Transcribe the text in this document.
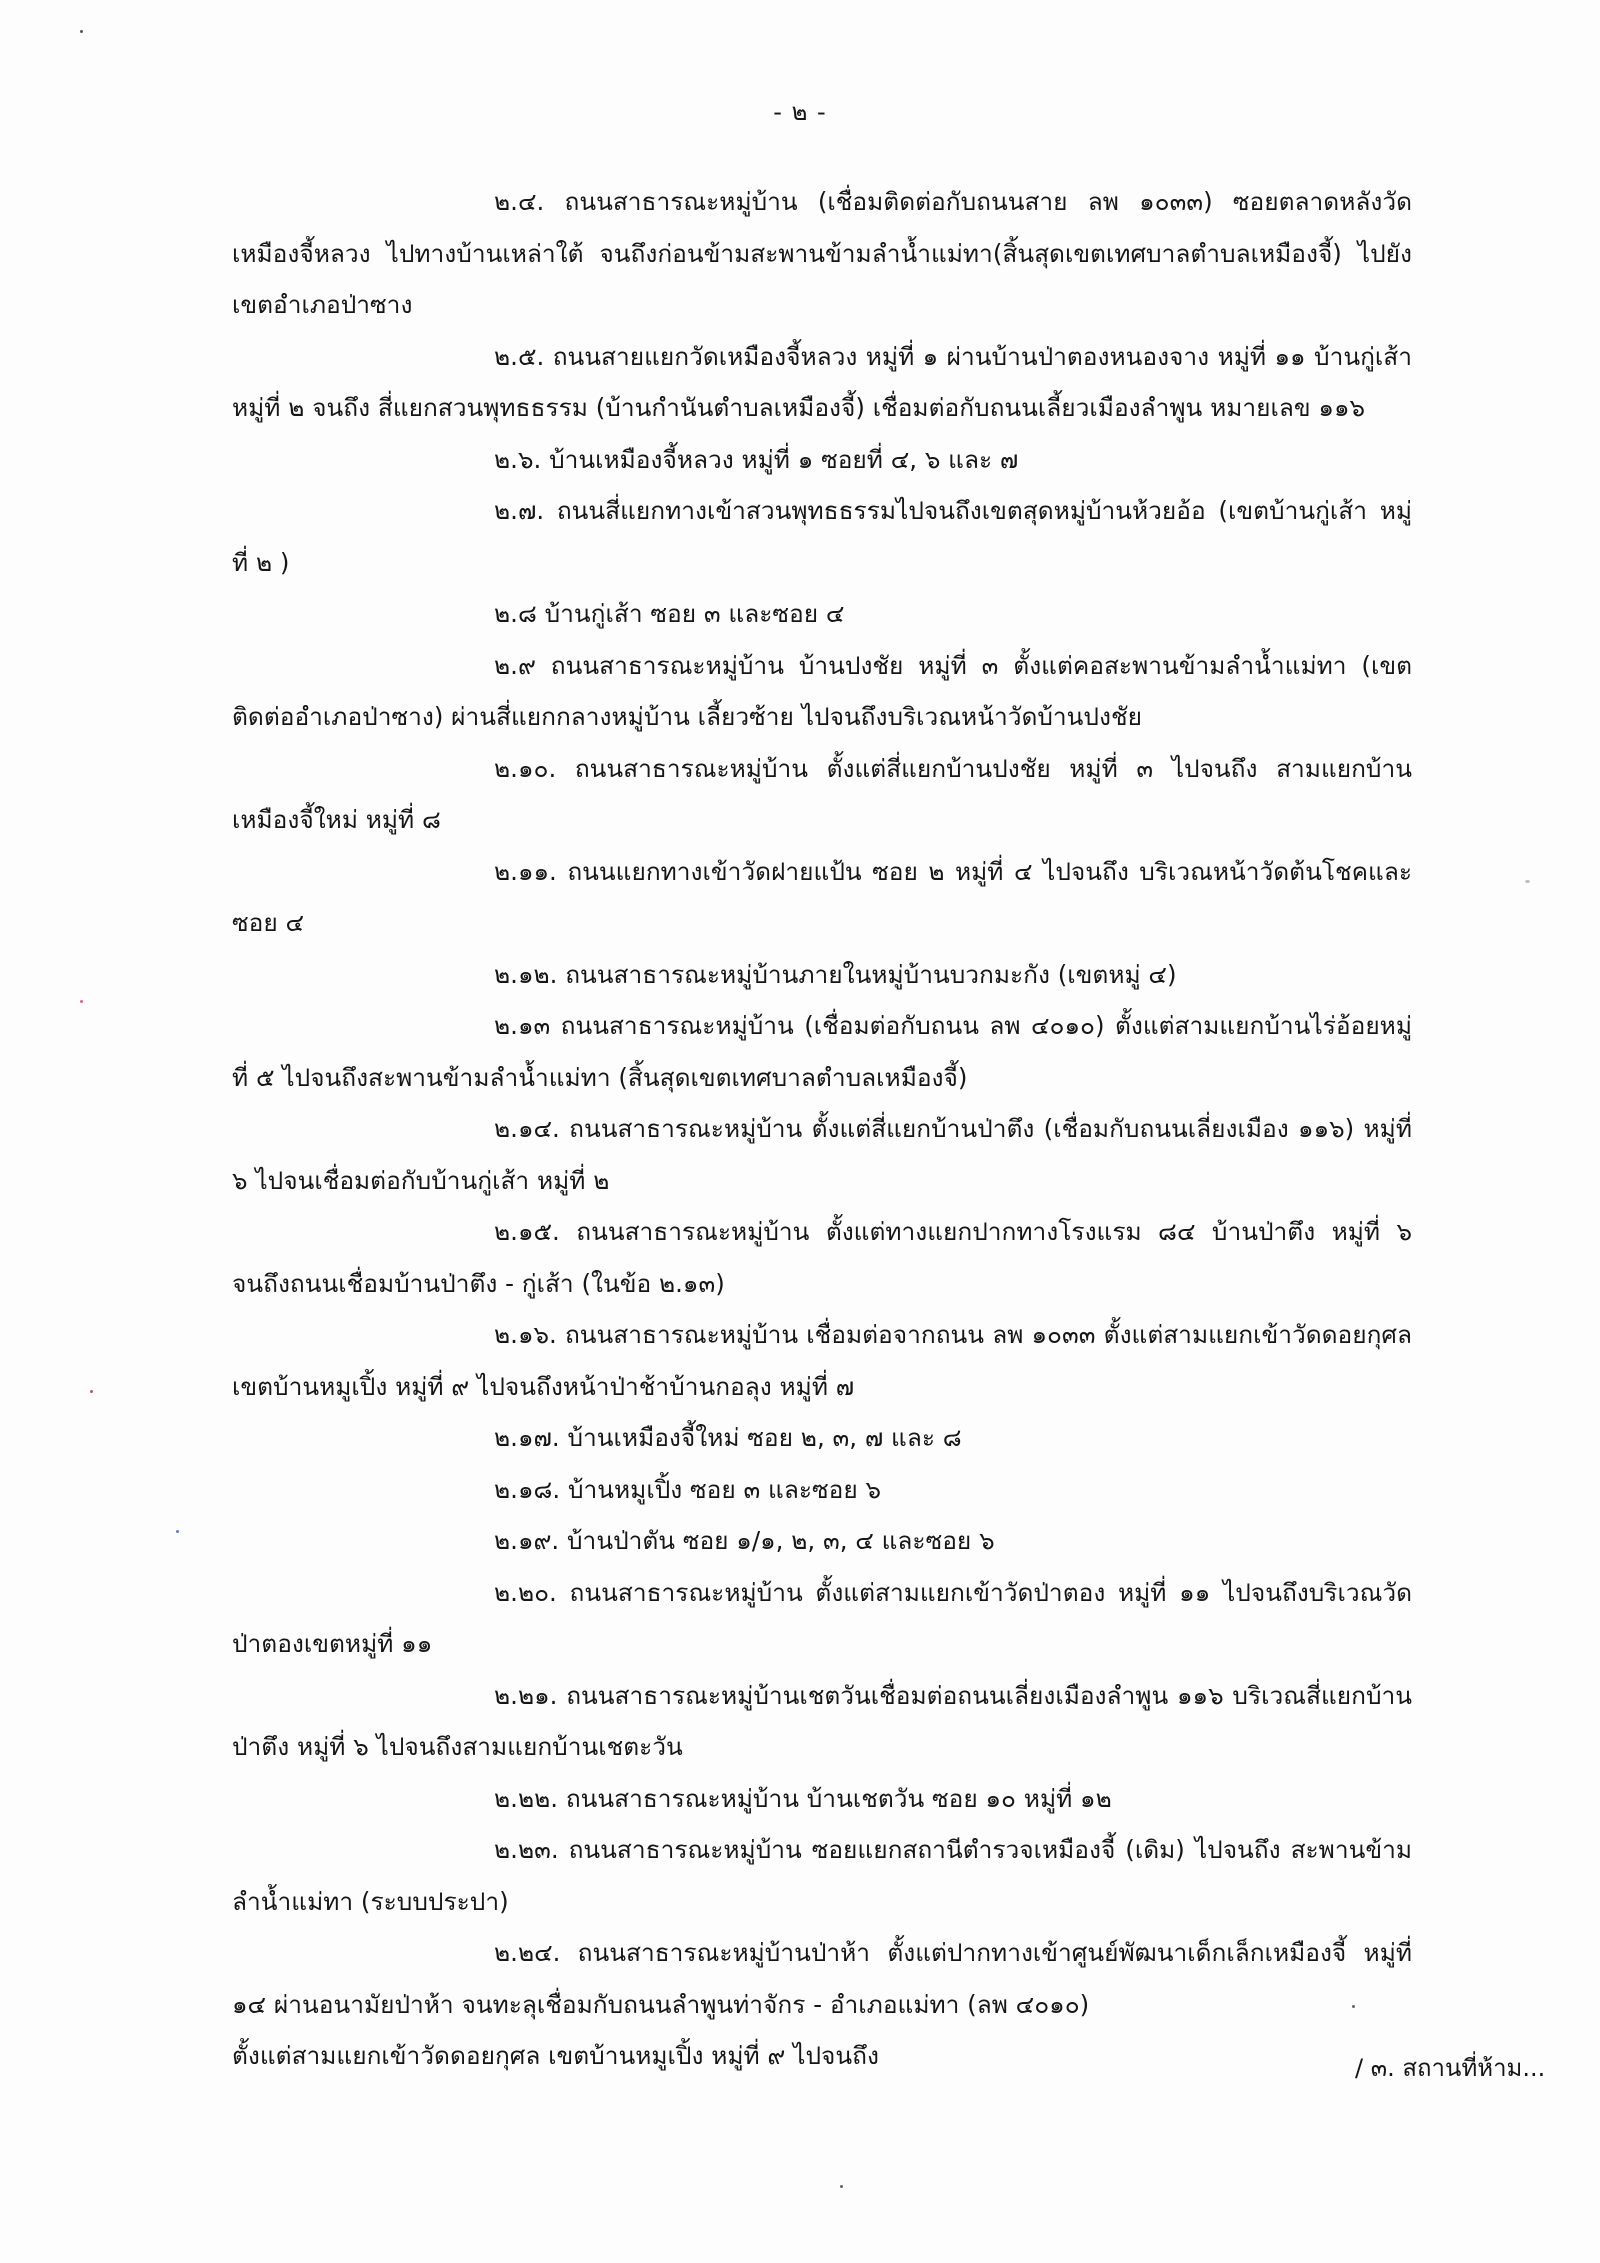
- ๒ -

๒.๔. ถนนสาธารณะหมู่บ้าน (เชื่อมติดต่อกับถนนสาย ลพ ๑๐๓๓) ซอยตลาดหลังวัดเหมืองจี้หลวง ไปทางบ้านเหล่าใต้ จนถึงก่อนข้ามสะพานข้ามลำน้ำแม่ทา(สิ้นสุดเขตเทศบาลตำบลเหมืองจี้) ไปยังเขตอำเภอป่าซาง

๒.๕. ถนนสายแยกวัดเหมืองจี้หลวง หมู่ที่ ๑ ผ่านบ้านป่าตองหนองจาง หมู่ที่ ๑๑ บ้านกู่เส้า หมู่ที่ ๒ จนถึง สี่แยกสวนพุทธธรรม (บ้านกำนันตำบลเหมืองจี้) เชื่อมต่อกับถนนเลี้ยวเมืองลำพูน หมายเลข ๑๑๖

๒.๖. บ้านเหมืองจี้หลวง หมู่ที่ ๑ ซอยที่ ๔, ๖ และ ๗

๒.๗. ถนนสี่แยกทางเข้าสวนพุทธธรรมไปจนถึงเขตสุดหมู่บ้านห้วยอ้อ (เขตบ้านกู่เส้า หมู่ที่ ๒ )

๒.๘ บ้านกู่เส้า ซอย ๓ และซอย ๔

๒.๙ ถนนสาธารณะหมู่บ้าน บ้านปงชัย หมู่ที่ ๓ ตั้งแต่คอสะพานข้ามลำน้ำแม่ทา (เขตติดต่ออำเภอป่าซาง) ผ่านสี่แยกกลางหมู่บ้าน เลี้ยวซ้าย ไปจนถึงบริเวณหน้าวัดบ้านปงชัย

๒.๑๐. ถนนสาธารณะหมู่บ้าน ตั้งแต่สี่แยกบ้านปงชัย หมู่ที่ ๓ ไปจนถึง สามแยกบ้านเหมืองจี้ใหม่ หมู่ที่ ๘

๒.๑๑. ถนนแยกทางเข้าวัดฝายแป้น ซอย ๒ หมู่ที่ ๔ ไปจนถึง บริเวณหน้าวัดต้นโชคและซอย ๔

๒.๑๒. ถนนสาธารณะหมู่บ้านภายในหมู่บ้านบวกมะกัง (เขตหมู่ ๔)

๒.๑๓ ถนนสาธารณะหมู่บ้าน (เชื่อมต่อกับถนน ลพ ๔๐๑๐) ตั้งแต่สามแยกบ้านไร่อ้อยหมู่ที่ ๕ ไปจนถึงสะพานข้ามลำน้ำแม่ทา (สิ้นสุดเขตเทศบาลตำบลเหมืองจี้)

๒.๑๔. ถนนสาธารณะหมู่บ้าน ตั้งแต่สี่แยกบ้านป่าตึง (เชื่อมกับถนนเลี่ยงเมือง ๑๑๖) หมู่ที่ ๖ ไปจนเชื่อมต่อกับบ้านกู่เส้า หมู่ที่ ๒

๒.๑๕. ถนนสาธารณะหมู่บ้าน ตั้งแต่ทางแยกปากทางโรงแรม ๘๔ บ้านป่าตึง หมู่ที่ ๖ จนถึงถนนเชื่อมบ้านป่าตึง - กู่เส้า (ในข้อ ๒.๑๓)

๒.๑๖. ถนนสาธารณะหมู่บ้าน เชื่อมต่อจากถนน ลพ ๑๐๓๓ ตั้งแต่สามแยกเข้าวัดดอยกุศล เขตบ้านหมูเปิ้ง หมู่ที่ ๙ ไปจนถึงหน้าป่าช้าบ้านกอลุง หมู่ที่ ๗

๒.๑๗. บ้านเหมืองจี้ใหม่ ซอย ๒, ๓, ๗ และ ๘

๒.๑๘. บ้านหมูเปิ้ง ซอย ๓ และซอย ๖

๒.๑๙. บ้านป่าตัน ซอย ๑/๑, ๒, ๓, ๔ และซอย ๖

๒.๒๐. ถนนสาธารณะหมู่บ้าน ตั้งแต่สามแยกเข้าวัดป่าตอง หมู่ที่ ๑๑ ไปจนถึงบริเวณวัดป่าตองเขตหมู่ที่ ๑๑

๒.๒๑. ถนนสาธารณะหมู่บ้านเชตวันเชื่อมต่อถนนเลี่ยงเมืองลำพูน ๑๑๖ บริเวณสี่แยกบ้านป่าตึง หมู่ที่ ๖ ไปจนถึงสามแยกบ้านเชตะวัน

๒.๒๒. ถนนสาธารณะหมู่บ้าน บ้านเชตวัน ซอย ๑๐ หมู่ที่ ๑๒

๒.๒๓. ถนนสาธารณะหมู่บ้าน ซอยแยกสถานีตำรวจเหมืองจี้ (เดิม) ไปจนถึง สะพานข้ามลำน้ำแม่ทา (ระบบประปา)

๒.๒๔. ถนนสาธารณะหมู่บ้านป่าห้า ตั้งแต่ปากทางเข้าศูนย์พัฒนาเด็กเล็กเหมืองจี้ หมู่ที่ ๑๔ ผ่านอนามัยป่าห้า จนทะลุเชื่อมกับถนนลำพูนท่าจักร - อำเภอแม่ทา (ลพ ๔๐๑๐)

ตั้งแต่สามแยกเข้าวัดดอยกุศล เขตบ้านหมูเปิ้ง หมู่ที่ ๙ ไปจนถึง	/ ๓. สถานที่ห้าม...
